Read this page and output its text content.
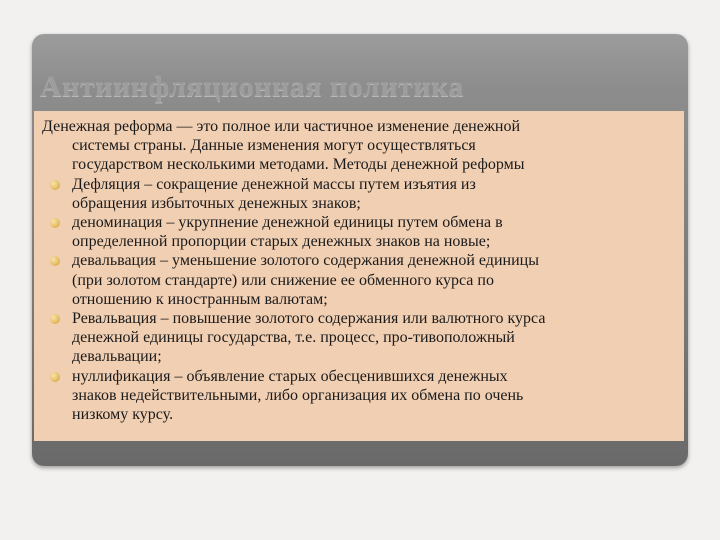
Антиинфляционная политика
Денежная реформа — это полное или частичное изменение денежной
системы страны. Данные изменения могут осуществляться
государством несколькими методами. Методы денежной реформы
Дефляция – сокращение денежной массы путем изъятия из
обращения избыточных денежных знаков;
деноминация – укрупнение денежной единицы путем обмена в
определенной пропорции старых денежных знаков на новые;
девальвация – уменьшение золотого содержания денежной единицы
(при золотом стандарте) или снижение ее обменного курса по
отношению к иностранным валютам;
Ревальвация – повышение золотого содержания или валютного курса
денежной единицы государства, т.е. процесс, про-тивоположный
девальвации;
нуллификация – объявление старых обесценившихся денежных
знаков недействительными, либо организация их обмена по очень
низкому курсу.
